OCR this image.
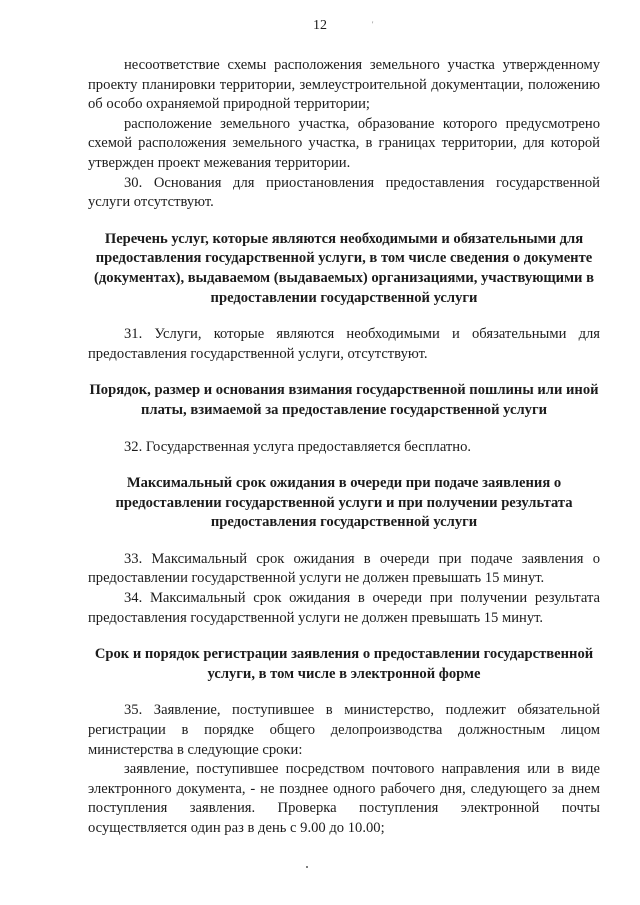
12	'

несоответствие схемы расположения земельного участка утвержденному проекту планировки территории, землеустроительной документации, положению об особо охраняемой природной территории;

расположение земельного участка, образование которого предусмотрено схемой расположения земельного участка, в границах территории, для которой утвержден проект межевания территории.

30. Основания для приостановления предоставления государственной услуги отсутствуют.

Перечень услуг, которые являются необходимыми и обязательными для предоставления государственной услуги, в том числе сведения о документе (документах), выдаваемом (выдаваемых) организациями, участвующими в предоставлении государственной услуги

31. Услуги, которые являются необходимыми и обязательными для предоставления государственной услуги, отсутствуют.

Порядок, размер и основания взимания государственной пошлины или иной платы, взимаемой за предоставление государственной услуги

32. Государственная услуга предоставляется бесплатно.

Максимальный срок ожидания в очереди при подаче заявления о предоставлении государственной услуги и при получении результата предоставления государственной услуги

33. Максимальный срок ожидания в очереди при подаче заявления о предоставлении государственной услуги не должен превышать 15 минут.

34. Максимальный срок ожидания в очереди при получении результата предоставления государственной услуги не должен превышать 15 минут.

Срок и порядок регистрации заявления о предоставлении государственной услуги, в том числе в электронной форме

35. Заявление, поступившее в министерство, подлежит обязательной регистрации в порядке общего делопроизводства должностным лицом министерства в следующие сроки:

заявление, поступившее посредством почтового направления или в виде электронного документа, - не позднее одного рабочего дня, следующего за днем поступления заявления. Проверка поступления электронной почты осуществляется один раз в день с 9.00 до 10.00;
